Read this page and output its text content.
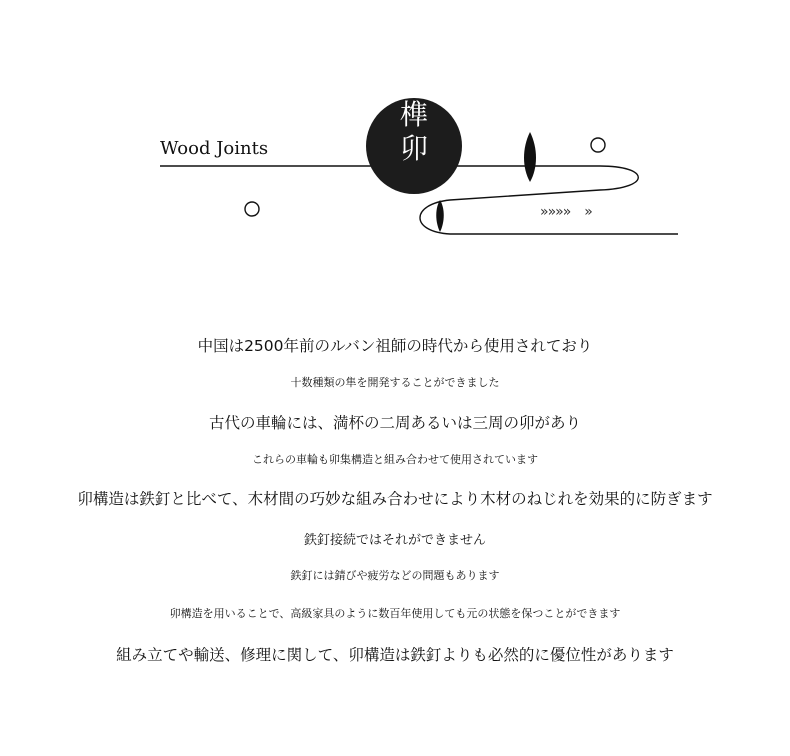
Wood Joints
榫
卯
»»»» »
中国は2500年前のルバン祖師の時代から使用されており
十数種類の隼を開発することができました
古代の車輪には、満杯の二周あるいは三周の卯があり
これらの車輪も卯集構造と組み合わせて使用されています
卯構造は鉄釘と比べて、木材間の巧妙な組み合わせにより木材のねじれを効果的に防ぎます
鉄釘接続ではそれができません
鉄釘には錆びや疲労などの問題もあります
卯構造を用いることで、高級家具のように数百年使用しても元の状態を保つことができます
組み立てや輸送、修理に関して、卯構造は鉄釘よりも必然的に優位性があります
